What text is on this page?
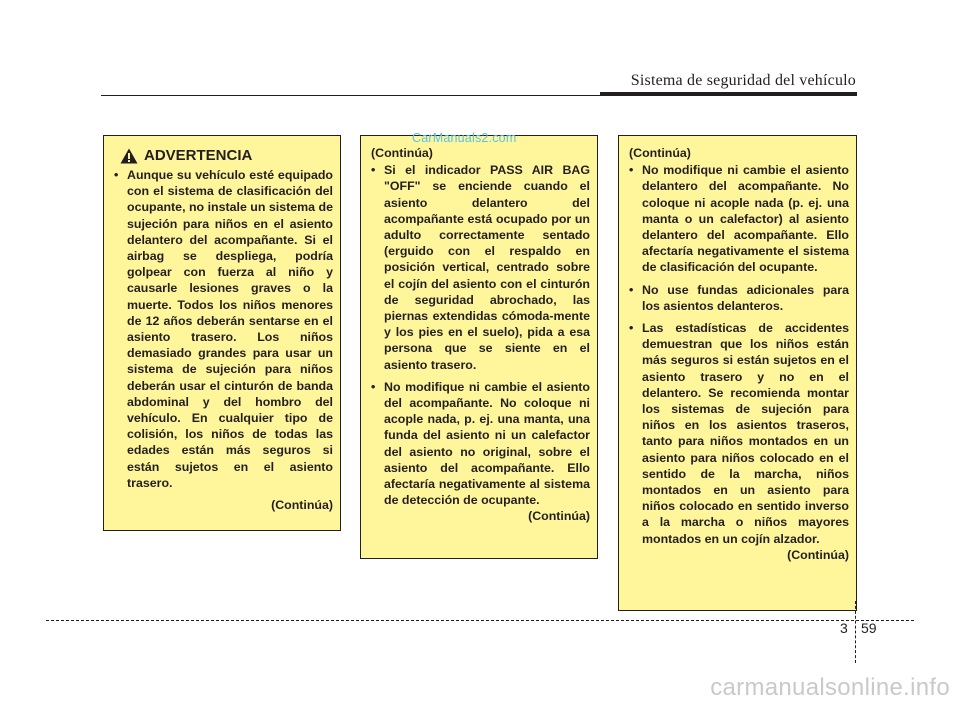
Sistema de seguridad del vehículo
ADVERTENCIA
• Aunque su vehículo esté equipado con el sistema de clasificación del ocupante, no instale un sistema de sujeción para niños en el asiento delantero del acompañante. Si el airbag se despliega, podría golpear con fuerza al niño y causarle lesiones graves o la muerte. Todos los niños menores de 12 años deberán sentarse en el asiento trasero. Los niños demasiado grandes para usar un sistema de sujeción para niños deberán usar el cinturón de banda abdominal y del hombro del vehículo. En cualquier tipo de colisión, los niños de todas las edades están más seguros si están sujetos en el asiento trasero.
(Continúa)
(Continúa)
• Si el indicador PASS AIR BAG "OFF" se enciende cuando el asiento delantero del acompañante está ocupado por un adulto correctamente sentado (erguido con el respaldo en posición vertical, centrado sobre el cojín del asiento con el cinturón de seguridad abrochado, las piernas extendidas cómoda-mente y los pies en el suelo), pida a esa persona que se siente en el asiento trasero.
• No modifique ni cambie el asiento del acompañante. No coloque ni acople nada, p. ej. una manta, una funda del asiento ni un calefactor del asiento no original, sobre el asiento del acompañante. Ello afectaría negativamente al sistema de detección de ocupante.
(Continúa)
(Continúa)
• No modifique ni cambie el asiento delantero del acompañante. No coloque ni acople nada (p. ej. una manta o un calefactor) al asiento delantero del acompañante. Ello afectaría negativamente el sistema de clasificación del ocupante.
• No use fundas adicionales para los asientos delanteros.
• Las estadísticas de accidentes demuestran que los niños están más seguros si están sujetos en el asiento trasero y no en el delantero. Se recomienda montar los sistemas de sujeción para niños en los asientos traseros, tanto para niños montados en un asiento para niños colocado en el sentido de la marcha, niños montados en un asiento para niños colocado en sentido inverso a la marcha o niños mayores montados en un cojín alzador.
(Continúa)
CarManuals2.com
3 59
carmanualsonline.info
